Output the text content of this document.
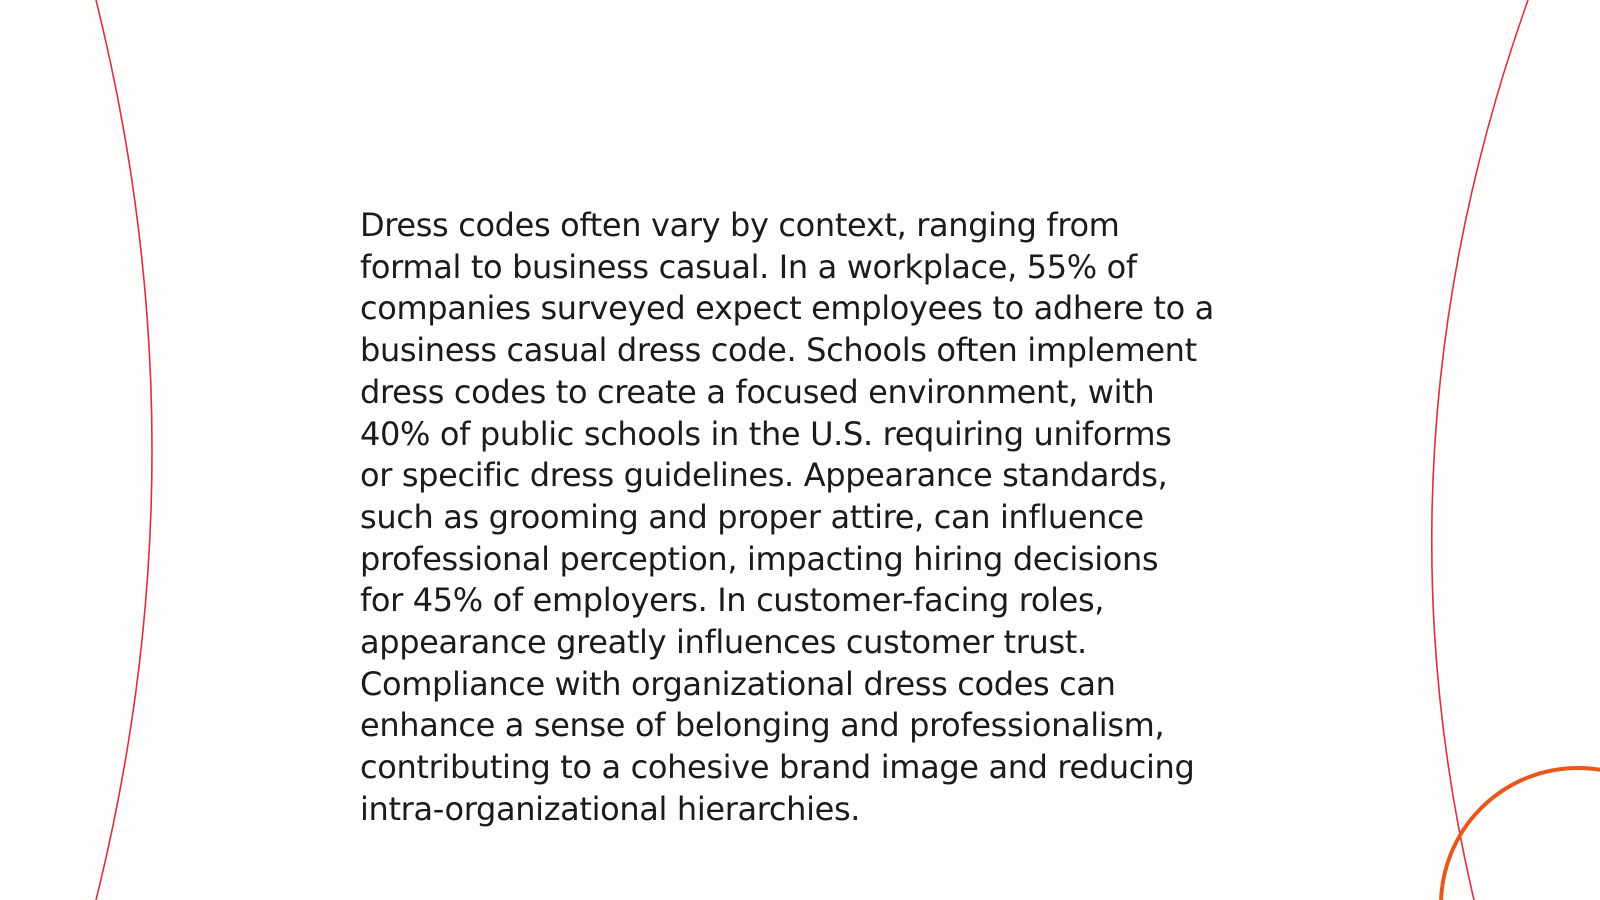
Dress codes often vary by context, ranging from
formal to business casual. In a workplace, 55% of
companies surveyed expect employees to adhere to a
business casual dress code. Schools often implement
dress codes to create a focused environment, with
40% of public schools in the U.S. requiring uniforms
or specific dress guidelines. Appearance standards,
such as grooming and proper attire, can influence
professional perception, impacting hiring decisions
for 45% of employers. In customer-facing roles,
appearance greatly influences customer trust.
Compliance with organizational dress codes can
enhance a sense of belonging and professionalism,
contributing to a cohesive brand image and reducing
intra-organizational hierarchies.
